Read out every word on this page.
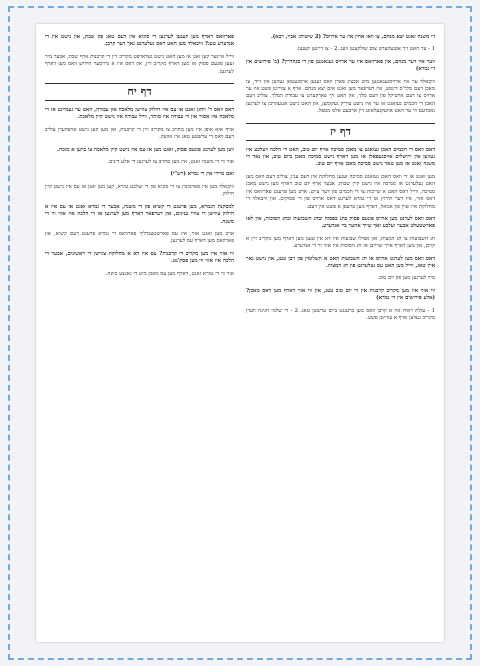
די משנה זאגט יצא מנחם, צו וואו אהין איז ער ארויס? (2 שיטות: אביי, רבא).
1 - ער האט זיך אפגעקערט צום שולקעטן וועג. 2 - צו דיינען קענען.
ווער איז דער מנחם, און פארוואס איז ער ארויס געגאנגען פון די סנהדרין? (ב' פירושים אין די גמרא)
וויבאלד ער איז ארויסגעגאנגען מיט אכציג פארן וואס זענען אויסגעטאן געווען אין זייד, צו מאכן דעם מלך'ס דינסט, איז דערפאר מען זאגט אים יצא מנחם. אויף א צווייטן פשט איז ער ארויס צו דעם ארטיקל פון דעם מלך, און האט זיך פארקערט צו עבודת המלך. צוליב דעם האבן די חכמים געזאגט אז ער איז נישט צוריק געקומען, און האט נישט אנגעהויבן צו לערנען נאכדעם ווי ער האט אוועקגעלאזט זיין ארבעט אלס מטפל.
דף יז
דאס וואס די חכמים האבן געזאגט צו מאכן סמיכה אויף יום טוב, האט די הלכה וועלכע איז געווען אין ירושלים אויסגעפאלן אז מען דארף נישט סמיכה מאכן ביום טוב, און נאר די משנה זאגט אז מען טאר נישט סמיכה מאכן אויף יום טוב.
מען זאגט אז די וואס האבן געזאגט סמיכה זענען מחלוקת אין דעם ענין, צוליב דעם וואס מען האט געלערנט אז סמיכה איז נישט קיין שבות, אבער אויף יום טוב דארף מען נישט מאכן סמיכה, ווייל דאס האט א שייכות צו די חכמים פון דער צייט. אויב מען פרעגט פארוואס איז דאס אזוי, איז דער תירוץ אז די גמרא לערנט דאס ארויס פון די פסוקים. און וויבאלד די מחלוקת איז שוין פון אמאל, דארף מען טרעפן א פשט אין דעם.
דאס וואס לערנט מען ארויס פונעם פסוק בתג בפסוח ובחג השבועות ובחג הסוכות, אין לאו פארשטעלט אבער זעלבע זאך שייך אהער ביי אנדערע.
חג השבועות צו חג המצות, און אפילו שבועות איז דא אין טעגן מען דארף מען מקריב זיין א קרבן, און מען דארף אויך שרייבן אז חג הסוכות איז אזוי ווי די אנדערע.
דאס וואס מען לערנט ארויס אז חג השבועות האט א תשלומין פון זיבן טעג, און נישט נאר איין טאג, ווייל מען האט עס געלערנט פון חג המצות.
מיר לערנען מען פון יום טוב.
ווי אזוי איז מען מקריב קרבנות אין די יום טוב טעג, און ווי אזוי דארף מען דאס מאכן? (אלע פירושים אין די גמרא)
1 - עולת ראיה איז א קרבן וואס מען ברענגט ביים ערשטן טאג. 2 - די שלמי חגיגה ווערן מקריב געווען אויף א צווייטן פשט.
פארוואס דארף מען קענען לערנען די סוגיא אין דעם טאג פון שבת, און נישט אין די אנדערע טעג? וויבאלד מען האט דאס געלערנט נאך דער קרבן.
ווייל איינער קען זאגן אז מען האט נישט געדארפט מקריב זיין די קרבנות אויף שבת, אבער מיר זעען פונעם פסוק אז מען דארף מקריב זיין, און דאס איז א גרויסער חידוש וואס מען דארף לערנען.
דף יח
דאס וואס ר' יוחנן זאגט אז עס איז חילוק צווישן מלאכה און עבודה, האט ער געמיינט אז די מלאכה איז אסור און די עבודה איז מותר, ווייל עבודה איז נישט קיין מלאכה.
אויף אזא אופן איז מען מחויב צו מקריב זיין די קרבנות, און מען קען נישט אויפהערן צוליב דעם וואס די ערשטע טאג איז אוועק.
ווען מען לערנט פונעם פסוק, זאגט מען אז עס איז נישט קיין מלאכה צו בויען א מזבח.
אזוי ווי די משנה זאגט, איז מען מחויב צו לערנען די אלע דינים.
ואם מיירי אין די גמרא (רש"י)
וויבאלד מען איז פארבונדן צו די סוגיא פון די זעלבע גמרא, קען מען זאגן אז עס איז נישט קיין חילוק.
למסקנת הגמרא, מען פרעגט די קשיא פון די משנה, אבער די גמרא זאגט אז עס איז א חילוק צווישן די צוויי ענינים, און דערפאר דארף מען לערנען אז די הלכה איז אזוי ווי די משנה.
אויב מען זאגט אזוי, איז עס פארשטענדליך פארוואס די גמרא פרעגט דעם קשיא, און פארוואס מען דארף עס לערנען.
ווי אזוי איז מען מקריב די קרבנות? עס איז דא א מחלוקת צווישן די ראשונים, אבער די הלכה איז אזוי ווי מען פסק'נט.
אזוי ווי די גמרא זאגט, דארף מען עס מאכן מיט די גאנצע כוונה.
